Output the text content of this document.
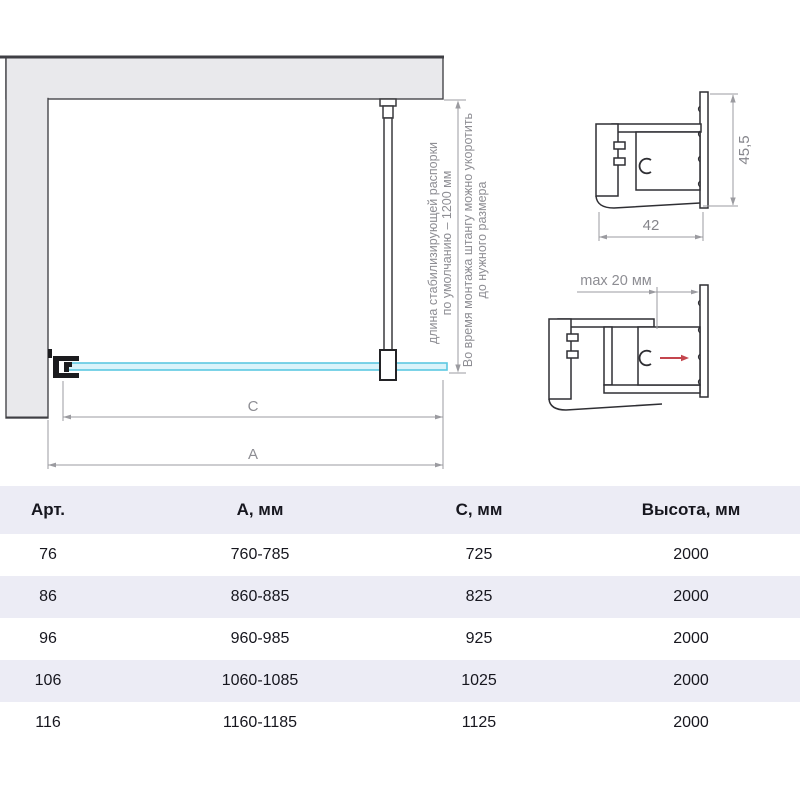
длина стабилизирующей распорки по умолчанию – 1200 мм Во время монтажа штангу можно укоротить до нужного размера
C
A
45,5
42
max 20 мм
Арт.	А, мм	С, мм	Высота, мм
76	760-785	725	2000
86	860-885	825	2000
96	960-985	925	2000
106	1060-1085	1025	2000
116	1160-1185	1125	2000
